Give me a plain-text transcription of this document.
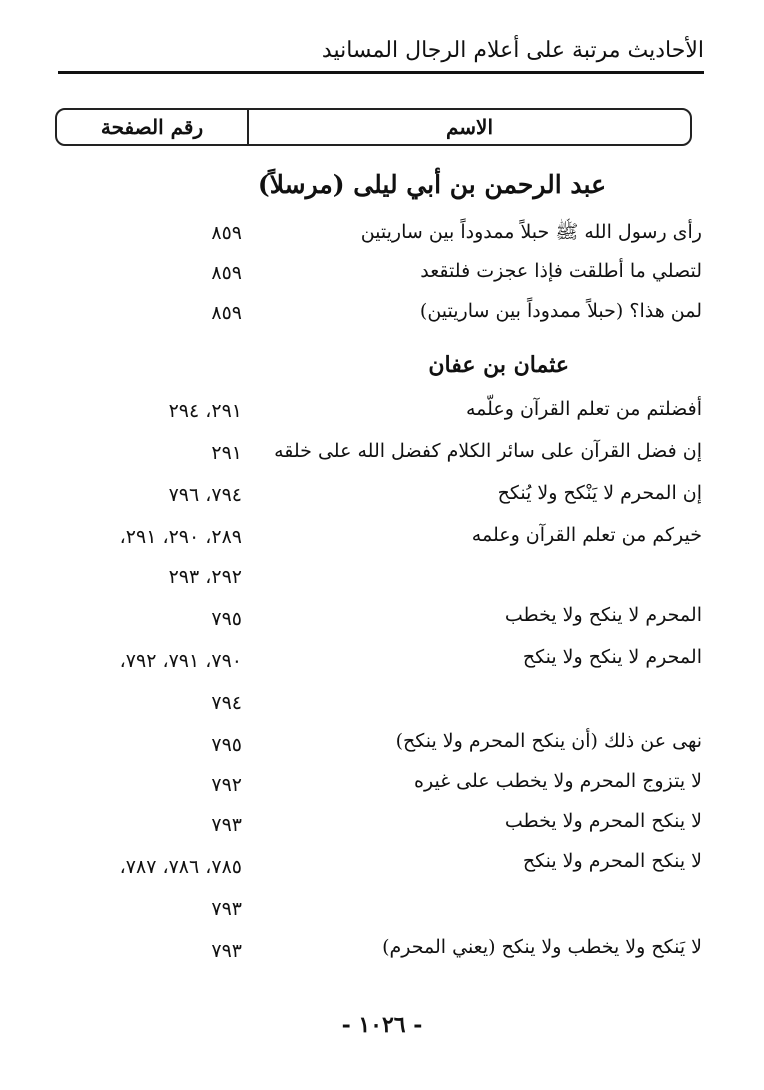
الأحاديث مرتبة على أعلام الرجال المسانيد
الاسم
رقم الصفحة
عبد الرحمن بن أبي ليلى (مرسلاً)
رأى رسول الله ﷺ حبلاً ممدوداً بين ساريتين
٨٥٩
لتصلي ما أطلقت فإذا عجزت فلتقعد
٨٥٩
لمن هذا؟ (حبلاً ممدوداً بين ساريتين)
٨٥٩
عثمان بن عفان
أفضلتم من تعلم القرآن وعلّمه
٢٩١، ٢٩٤
إن فضل القرآن على سائر الكلام كفضل الله على خلقه
٢٩١
إن المحرم لا يَنْكح ولا يُنكح
٧٩٤، ٧٩٦
خيركم من تعلم القرآن وعلمه
٢٨٩، ٢٩٠، ٢٩١،
٢٩٢، ٢٩٣
المحرم لا ينكح ولا يخطب
٧٩٥
المحرم لا ينكح ولا ينكح
٧٩٠، ٧٩١، ٧٩٢،
٧٩٤
نهى عن ذلك (أن ينكح المحرم ولا ينكح)
٧٩٥
لا يتزوج المحرم ولا يخطب على غيره
٧٩٢
لا ينكح المحرم ولا يخطب
٧٩٣
لا ينكح المحرم ولا ينكح
٧٨٥، ٧٨٦، ٧٨٧،
٧٩٣
لا يَنكح ولا يخطب ولا ينكح (يعني المحرم)
٧٩٣
- ١٠٢٦ -
